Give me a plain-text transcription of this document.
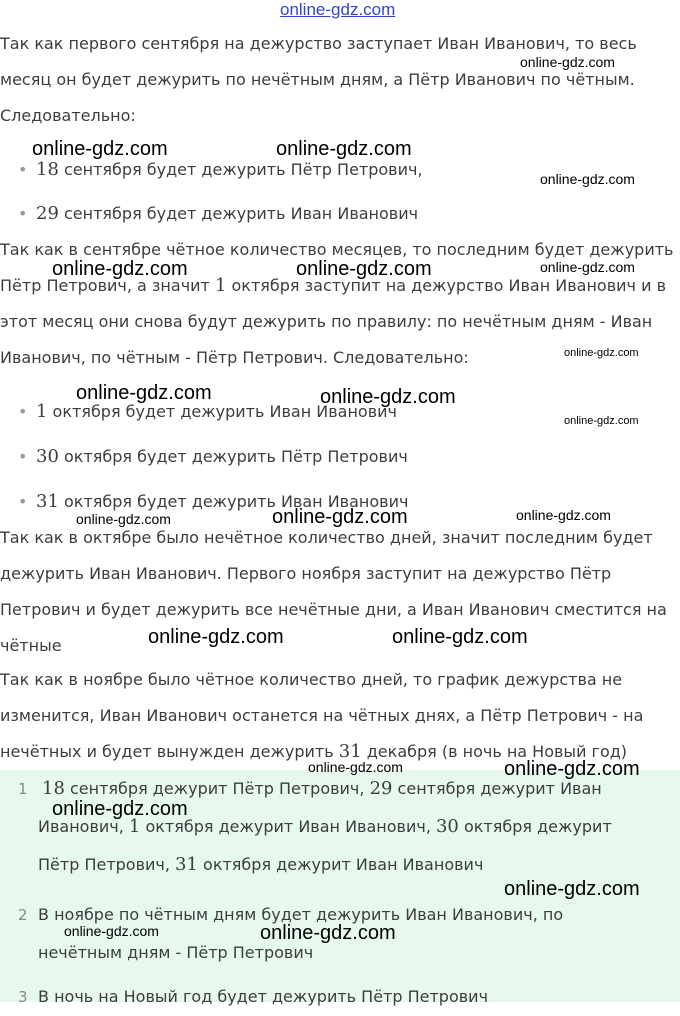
online-gdz.com
Так как первого сентября на дежурство заступает Иван Иванович, то весь
месяц он будет дежурить по нечётным дням, а Пётр Иванович по чётным.
Следовательно:
• 18 сентября будет дежурить Пётр Петрович,
• 29 сентября будет дежурить Иван Иванович
Так как в сентябре чётное количество месяцев, то последним будет дежурить
Пётр Петрович, а значит 1 октября заступит на дежурство Иван Иванович и в
этот месяц они снова будут дежурить по правилу: по нечётным дням - Иван
Иванович, по чётным - Пётр Петрович. Следовательно:
• 1 октября будет дежурить Иван Иванович
• 30 октября будет дежурить Пётр Петрович
• 31 октября будет дежурить Иван Иванович
Так как в октябре было нечётное количество дней, значит последним будет
дежурить Иван Иванович. Первого ноября заступит на дежурство Пётр
Петрович и будет дежурить все нечётные дни, а Иван Иванович сместится на
чётные
Так как в ноябре было чётное количество дней, то график дежурства не
изменится, Иван Иванович останется на чётных днях, а Пётр Петрович - на
нечётных и будет вынужден дежурить 31 декабря (в ночь на Новый год)
1 18 сентября дежурит Пётр Петрович, 29 сентября дежурит Иван
Иванович, 1 октября дежурит Иван Иванович, 30 октября дежурит
Пётр Петрович, 31 октября дежурит Иван Иванович
2 В ноябре по чётным дням будет дежурить Иван Иванович, по
нечётным дням - Пётр Петрович
3 В ночь на Новый год будет дежурить Пётр Петрович
online-gdz.com
online-gdz.com	online-gdz.com
online-gdz.com
online-gdz.com	online-gdz.com	online-gdz.com
online-gdz.com
online-gdz.com	online-gdz.com
online-gdz.com
online-gdz.com	online-gdz.com	online-gdz.com
online-gdz.com	online-gdz.com
online-gdz.com	online-gdz.com
online-gdz.com
online-gdz.com
online-gdz.com	online-gdz.com
